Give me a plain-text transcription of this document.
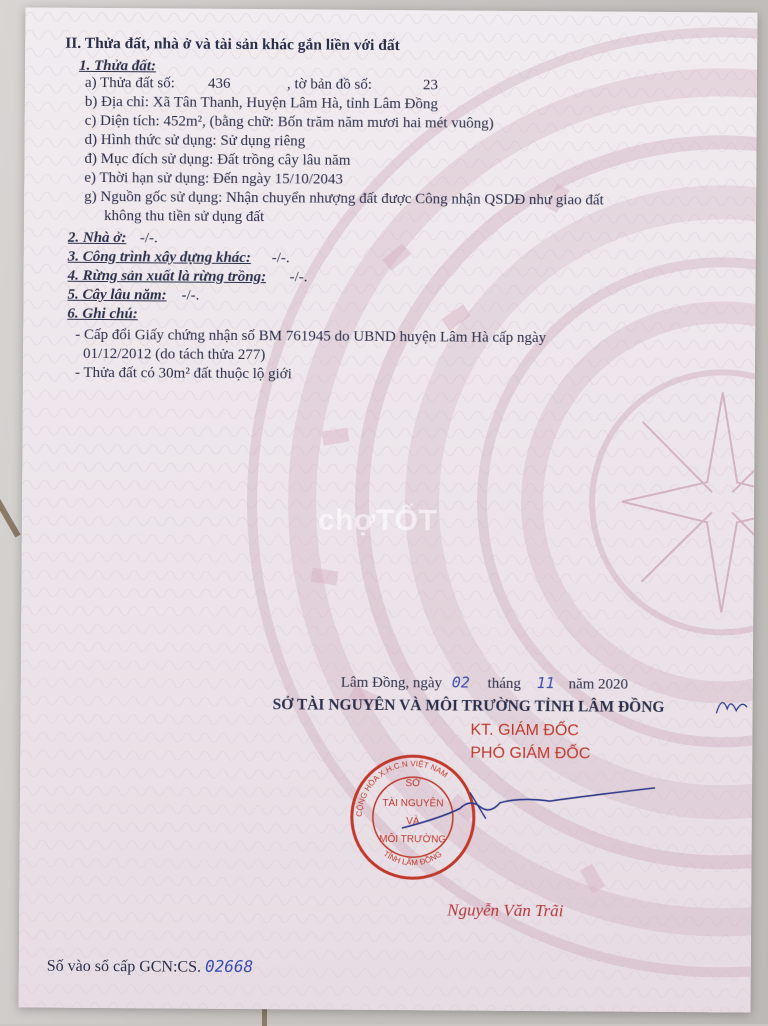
chợTỐT
II. Thửa đất, nhà ở và tài sản khác gắn liền với đất
1. Thửa đất:
a) Thửa đất số: 436	, tờ bản đồ số:	23
b) Địa chỉ: Xã Tân Thanh, Huyện Lâm Hà, tỉnh Lâm Đồng
c) Diện tích: 452m², (bằng chữ: Bốn trăm năm mươi hai mét vuông)
d) Hình thức sử dụng: Sử dụng riêng
đ) Mục đích sử dụng: Đất trồng cây lâu năm
e) Thời hạn sử dụng: Đến ngày 15/10/2043
g) Nguồn gốc sử dụng: Nhận chuyển nhượng đất được Công nhận QSDĐ như giao đất
không thu tiền sử dụng đất
2. Nhà ở: -/-.
3. Công trình xây dựng khác: -/-.
4. Rừng sản xuất là rừng trồng: -/-.
5. Cây lâu năm: -/-.
6. Ghi chú:
- Cấp đổi Giấy chứng nhận số BM 761945 do UBND huyện Lâm Hà cấp ngày
01/12/2012 (do tách thửa 277)
- Thửa đất có 30m² đất thuộc lộ giới
Lâm Đồng, ngày 02 tháng 11 năm 2020
SỞ TÀI NGUYÊN VÀ MÔI TRƯỜNG TỈNH LÂM ĐỒNG
KT. GIÁM ĐỐC
PHÓ GIÁM ĐỐC
SỞ
TÀI NGUYÊN
VÀ
MÔI TRƯỜNG
CỘNG HÒA X.H.C.N VIỆT NAM
TỈNH LÂM ĐỒNG
Nguyễn Văn Trãi
Số vào sổ cấp GCN:CS. 02668
